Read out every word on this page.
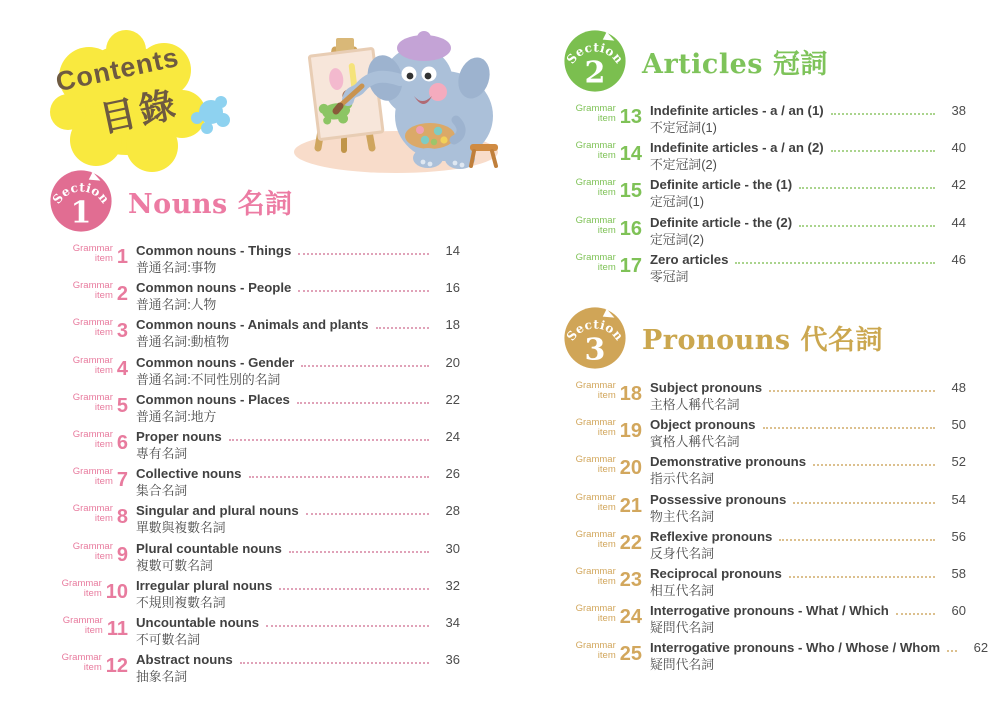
Contents
目錄
Section
1 Nouns 名詞
Grammar
item 1 Common nouns - Things	14
普通名詞:事物
Grammar
item 2 Common nouns - People	16
普通名詞:人物
Grammar
item 3 Common nouns - Animals and plants	18
普通名詞:動植物
Grammar
item 4 Common nouns - Gender	20
普通名詞:不同性別的名詞
Grammar
item 5 Common nouns - Places	22
普通名詞:地方
Grammar
item 6 Proper nouns	24
專有名詞
Grammar
item 7 Collective nouns	26
集合名詞
Grammar
item 8 Singular and plural nouns	28
單數與複數名詞
Grammar
item 9 Plural countable nouns	30
複數可數名詞
Grammar
item 10 Irregular plural nouns	32
不規則複數名詞
Grammar
item 11 Uncountable nouns	34
不可數名詞
Grammar
item 12 Abstract nouns	36
抽象名詞
Section
2 Articles 冠詞
Grammar
item 13 Indefinite articles - a / an (1)	38
不定冠詞(1)
Grammar
item 14 Indefinite articles - a / an (2)	40
不定冠詞(2)
Grammar
item 15 Definite article - the (1)	42
定冠詞(1)
Grammar
item 16 Definite article - the (2)	44
定冠詞(2)
Grammar
item 17 Zero articles	46
零冠詞
Section
3 Pronouns 代名詞
Grammar
item 18 Subject pronouns	48
主格人稱代名詞
Grammar
item 19 Object pronouns	50
賓格人稱代名詞
Grammar
item 20 Demonstrative pronouns	52
指示代名詞
Grammar
item 21 Possessive pronouns	54
物主代名詞
Grammar
item 22 Reflexive pronouns	56
反身代名詞
Grammar
item 23 Reciprocal pronouns	58
相互代名詞
Grammar
item 24 Interrogative pronouns - What / Which	60
疑問代名詞
Grammar
item 25 Interrogative pronouns - Who / Whose / Whom	62
疑問代名詞
